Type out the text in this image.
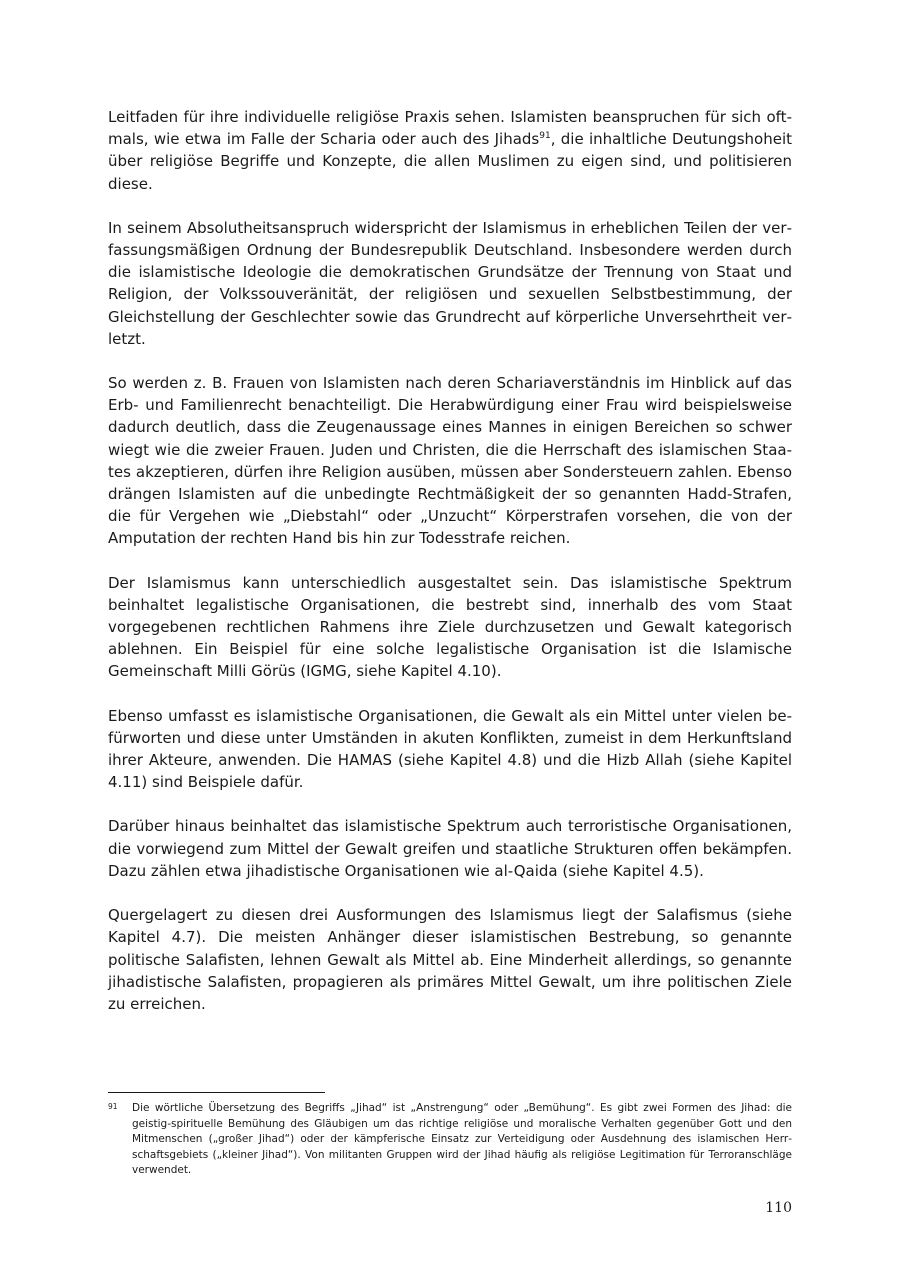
Leitfaden für ihre individuelle religiöse Praxis sehen. Islamisten beanspruchen für sich oftmals, wie etwa im Falle der Scharia oder auch des Jihads$^{91}$, die inhaltliche Deutungshoheit über religiöse Begriffe und Konzepte, die allen Muslimen zu eigen sind, und politisieren diese.

In seinem Absolutheitsanspruch widerspricht der Islamismus in erheblichen Teilen der verfassungsmäßigen Ordnung der Bundesrepublik Deutschland. Insbesondere werden durch die islamistische Ideologie die demokratischen Grundsätze der Trennung von Staat und Religion, der Volkssouveränität, der religiösen und sexuellen Selbstbestimmung, der Gleichstellung der Geschlechter sowie das Grundrecht auf körperliche Unversehrtheit verletzt.

So werden z. B. Frauen von Islamisten nach deren Schariaverständnis im Hinblick auf das Erb- und Familienrecht benachteiligt. Die Herabwürdigung einer Frau wird beispielsweise dadurch deutlich, dass die Zeugenaussage eines Mannes in einigen Bereichen so schwer wiegt wie die zweier Frauen. Juden und Christen, die die Herrschaft des islamischen Staates akzeptieren, dürfen ihre Religion ausüben, müssen aber Sondersteuern zahlen. Ebenso drängen Islamisten auf die unbedingte Rechtmäßigkeit der so genannten Hadd-Strafen, die für Vergehen wie „Diebstahl“ oder „Unzucht“ Körperstrafen vorsehen, die von der Amputation der rechten Hand bis hin zur Todesstrafe reichen.

Der Islamismus kann unterschiedlich ausgestaltet sein. Das islamistische Spektrum beinhaltet legalistische Organisationen, die bestrebt sind, innerhalb des vom Staat vorgegebenen rechtlichen Rahmens ihre Ziele durchzusetzen und Gewalt kategorisch ablehnen. Ein Beispiel für eine solche legalistische Organisation ist die Islamische Gemeinschaft Milli Görüs (IGMG, siehe Kapitel 4.10).

Ebenso umfasst es islamistische Organisationen, die Gewalt als ein Mittel unter vielen befürworten und diese unter Umständen in akuten Konflikten, zumeist in dem Herkunftsland ihrer Akteure, anwenden. Die HAMAS (siehe Kapitel 4.8) und die Hizb Allah (siehe Kapitel 4.11) sind Beispiele dafür.

Darüber hinaus beinhaltet das islamistische Spektrum auch terroristische Organisationen, die vorwiegend zum Mittel der Gewalt greifen und staatliche Strukturen offen bekämpfen. Dazu zählen etwa jihadistische Organisationen wie al-Qaida (siehe Kapitel 4.5).

Quergelagert zu diesen drei Ausformungen des Islamismus liegt der Salafismus (siehe Kapitel 4.7). Die meisten Anhänger dieser islamistischen Bestrebung, so genannte politische Salafisten, lehnen Gewalt als Mittel ab. Eine Minderheit allerdings, so genannte jihadistische Salafisten, propagieren als primäres Mittel Gewalt, um ihre politischen Ziele zu erreichen.

91	Die wörtliche Übersetzung des Begriffs „Jihad“ ist „Anstrengung“ oder „Bemühung“. Es gibt zwei Formen des Jihad: die geistig-spirituelle Bemühung des Gläubigen um das richtige religiöse und moralische Verhalten gegenüber Gott und den Mitmenschen („großer Jihad“) oder der kämpferische Einsatz zur Verteidigung oder Ausdehnung des islamischen Herrschaftsgebiets („kleiner Jihad“). Von militanten Gruppen wird der Jihad häufig als religiöse Legitimation für Terroranschläge verwendet.
110
